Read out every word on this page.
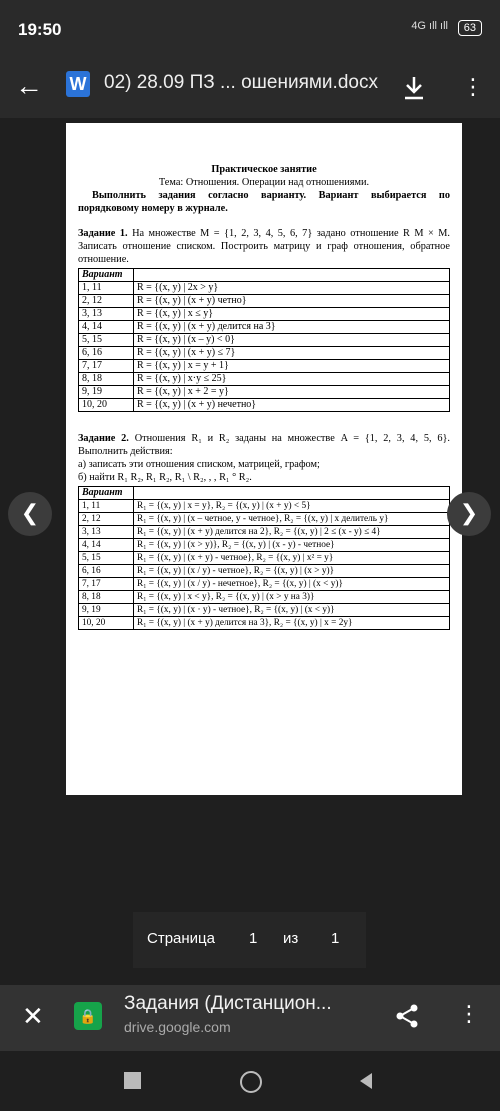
19:50	4G ıll ıll	63
← W 02) 28.09 ПЗ ... ошениями.docx	⋮
Практическое занятие
Тема: Отношения. Операции над отношениями.
Выполнить задания согласно варианту. Вариант выбирается по порядковому номеру в журнале.
Задание 1. На множестве M = {1, 2, 3, 4, 5, 6, 7} задано отношение R M × M. Записать отношение списком. Построить матрицу и граф отношения, обратное отношение.
Вариант	
1, 11	R = {(x, y) | 2x > y}
2, 12	R = {(x, y) | (x + y) четно}
3, 13	R = {(x, y) | x ≤ y}
4, 14	R = {(x, y) | (x + y) делится на 3}
5, 15	R = {(x, y) | (x – y) < 0}
6, 16	R = {(x, y) | (x + y) ≤ 7}
7, 17	R = {(x, y) | x = y + 1}
8, 18	R = {(x, y) | x·y ≤ 25}
9, 19	R = {(x, y) | x + 2 = y}
10, 20	R = {(x, y) | (x + y) нечетно}
Задание 2. Отношения R₁ и R₂ заданы на множестве A = {1, 2, 3, 4, 5, 6}. Выполнить действия:
а) записать эти отношения списком, матрицей, графом;
б) найти R₁ R₂, R₁ R₂, R₁ \ R₂, , , R₁ ° R₂.
Вариант	
1, 11	R₁ = {(x, y) | x = y}, R₂ = {(x, y) | (x + y) < 5}
2, 12	R₁ = {(x, y) | (x – четное, y - четное}, R₂ = {(x, y) | x делитель y}
3, 13	R₁ = {(x, y) | (x + y) делится на 2}, R₂ = {(x, y) | 2 ≤ (x - y) ≤ 4}
4, 14	R₁ = {(x, y) | (x > y)}, R₂ = {(x, y) | (x - y) - четное}
5, 15	R₁ = {(x, y) | (x + y) - четное}, R₂ = {(x, y) | x² = y}
6, 16	R₁ = {(x, y) | (x / y) - четное}, R₂ = {(x, y) | (x > y)}
7, 17	R₁ = {(x, y) | (x / y) - нечетное}, R₂ = {(x, y) | (x < y)}
8, 18	R₁ = {(x, y) | x < y}, R₂ = {(x, y) | (x > y на 3)}
9, 19	R₁ = {(x, y) | (x · y) - четное}, R₂ = {(x, y) | (x < y)}
10, 20	R₁ = {(x, y) | (x + y) делится на 3}, R₂ = {(x, y) | x = 2y}
❮	❯
Страница 1 из 1
✕	🔒
Задания (Дистанцион...
drive.google.com
⋮
